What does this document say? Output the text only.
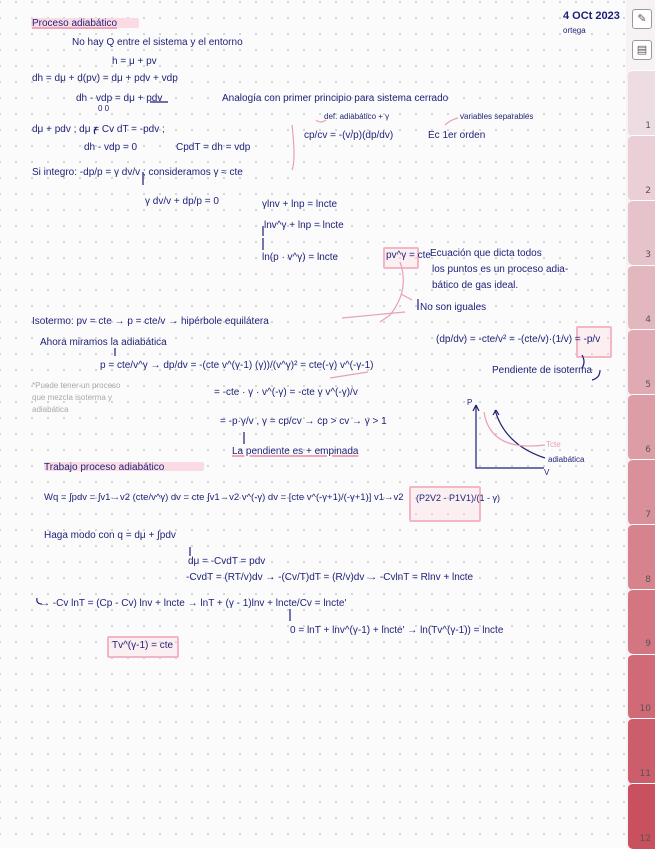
4 OCt 2023
ortega
Proceso adiabático
No hay Q entre el sistema y el entorno
h = μ + pv
dh = dμ + d(pv) = dμ + pdv + vdp
dh - vdp = dμ + pdv
0 0
Analogía con primer principio para sistema cerrado
def. adiabático + γ	variables separables
dμ + pdv ; dμ = Cv dT = -pdv ;
cp/cv = -(v/p)(dp/dv)	Ec 1er orden
dh - vdp = 0	CpdT = dh = vdp
Si integro: -dp/p = γ dv/v ; consideramos γ ≈ cte
γ dv/v + dp/p = 0	γlnv + lnp = lncte
lnv^γ + lnp = lncte
ln(p · v^γ) = lncte	pv^γ = cte Ecuación que dicta todos
los puntos es un proceso adia-
bático de gas ideal.
No son iguales
Isotermo: pv = cte → p = cte/v → hipérbole equilátera
(dp/dv) = -cte/v² = -(cte/v)·(1/v) = -p/v
Ahora miramos la adiabática
p = cte/v^γ → dp/dv = -(cte v^(γ-1) (γ))/(v^γ)² = cte(-γ) v^(-γ-1)	Pendiente de isoterma
= -cte · γ · v^(-γ) = -cte γ v^(-γ)/v
= -p·γ/v , γ = cp/cv → cp > cv → γ > 1
La pendiente es + empinada
*Puede tener un proceso
que mezcla isoterma y
adiabática
P
V
Tcte
adiabática
Trabajo proceso adiabático
Wq = ∫pdv = ∫v1→v2 (cte/v^γ) dv = cte ∫v1→v2 v^(-γ) dv = [cte v^(-γ+1)/(-γ+1)] v1→v2 (P2V2 - P1V1)/(1 - γ)
Haga modo con q = dμ + ∫pdv
dμ = -CvdT = pdv
-CvdT = (RT/v)dv → -(Cv/T)dT = (R/v)dv → -CvlnT = Rlnv + lncte
→ -Cv lnT = (Cp - Cv) lnv + lncte → lnT + (γ - 1)lnv + lncte/Cv = lncte'
0 = lnT + lnv^(γ-1) + lncte' → ln(Tv^(γ-1)) = lncte
Tv^(γ-1) = cte
✎
▤
1
2
3
4
5
6
7
8
9
10
11
12
